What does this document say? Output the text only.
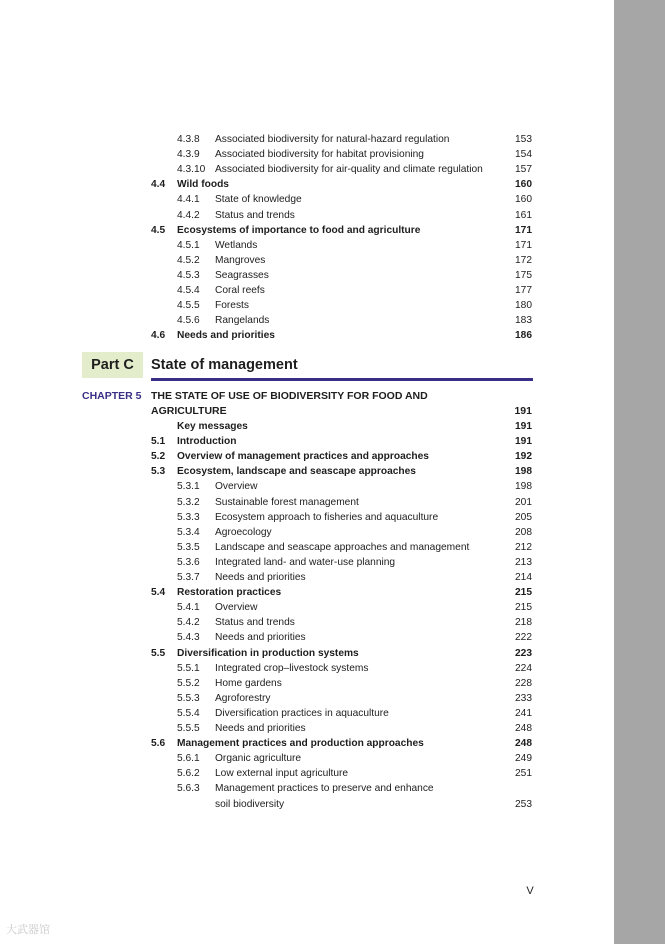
4.3.8 Associated biodiversity for natural-hazard regulation	153
4.3.9 Associated biodiversity for habitat provisioning	154
4.3.10 Associated biodiversity for air-quality and climate regulation	157
4.4 Wild foods	160
4.4.1 State of knowledge	160
4.4.2 Status and trends	161
4.5 Ecosystems of importance to food and agriculture	171
4.5.1 Wetlands	171
4.5.2 Mangroves	172
4.5.3 Seagrasses	175
4.5.4 Coral reefs	177
4.5.5 Forests	180
4.5.6 Rangelands	183
4.6 Needs and priorities	186
Part C	State of management
CHAPTER 5 THE STATE OF USE OF BIODIVERSITY FOR FOOD AND AGRICULTURE	191
Key messages	191
5.1 Introduction	191
5.2 Overview of management practices and approaches	192
5.3 Ecosystem, landscape and seascape approaches	198
5.3.1 Overview	198
5.3.2 Sustainable forest management	201
5.3.3 Ecosystem approach to fisheries and aquaculture	205
5.3.4 Agroecology	208
5.3.5 Landscape and seascape approaches and management	212
5.3.6 Integrated land- and water-use planning	213
5.3.7 Needs and priorities	214
5.4 Restoration practices	215
5.4.1 Overview	215
5.4.2 Status and trends	218
5.4.3 Needs and priorities	222
5.5 Diversification in production systems	223
5.5.1 Integrated crop–livestock systems	224
5.5.2 Home gardens	228
5.5.3 Agroforestry	233
5.5.4 Diversification practices in aquaculture	241
5.5.5 Needs and priorities	248
5.6 Management practices and production approaches	248
5.6.1 Organic agriculture	249
5.6.2 Low external input agriculture	251
5.6.3 Management practices to preserve and enhance
soil biodiversity	253
V
大武器馆
